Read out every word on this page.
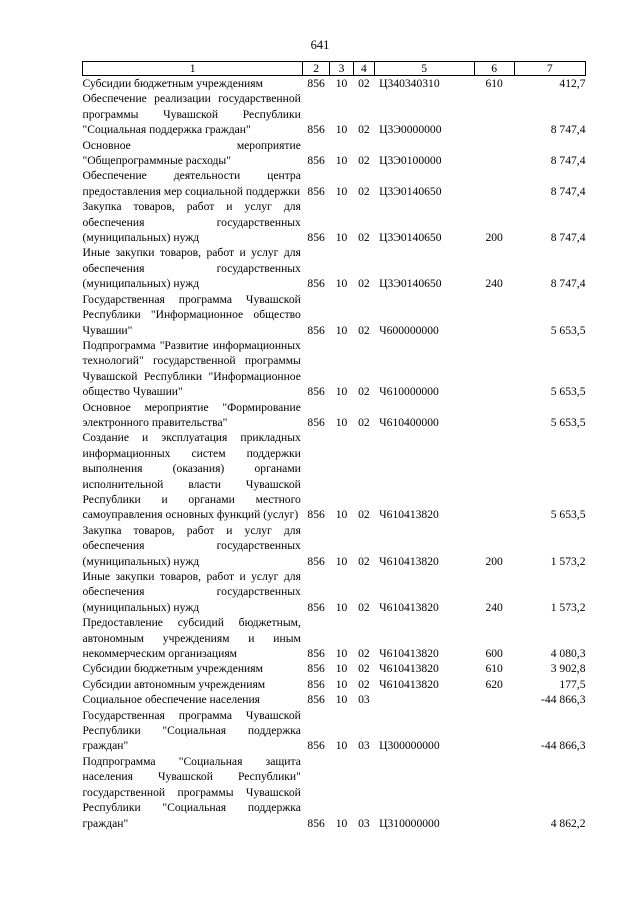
641
1	2	3	4	5	6	7
Субсидии бюджетным учреждениям	856	10	02	Ц340340310	610	412,7
Обеспечение реализации государственной программы Чувашской Республики "Социальная поддержка граждан"	856	10	02	Ц3Э0000000		8 747,4
Основное мероприятие "Общепрограммные расходы"	856	10	02	Ц3Э0100000		8 747,4
Обеспечение деятельности центра предоставления мер социальной поддержки	856	10	02	Ц3Э0140650		8 747,4
Закупка товаров, работ и услуг для обеспечения государственных (муниципальных) нужд	856	10	02	Ц3Э0140650	200	8 747,4
Иные закупки товаров, работ и услуг для обеспечения государственных (муниципальных) нужд	856	10	02	Ц3Э0140650	240	8 747,4
Государственная программа Чувашской Республики "Информационное общество Чувашии"	856	10	02	Ч600000000		5 653,5
Подпрограмма "Развитие информационных технологий" государственной программы Чувашской Республики "Информационное общество Чувашии"	856	10	02	Ч610000000		5 653,5
Основное мероприятие "Формирование электронного правительства"	856	10	02	Ч610400000		5 653,5
Создание и эксплуатация прикладных информационных систем поддержки выполнения (оказания) органами исполнительной власти Чувашской Республики и органами местного самоуправления основных функций (услуг)	856	10	02	Ч610413820		5 653,5
Закупка товаров, работ и услуг для обеспечения государственных (муниципальных) нужд	856	10	02	Ч610413820	200	1 573,2
Иные закупки товаров, работ и услуг для обеспечения государственных (муниципальных) нужд	856	10	02	Ч610413820	240	1 573,2
Предоставление субсидий бюджетным, автономным учреждениям и иным некоммерческим организациям	856	10	02	Ч610413820	600	4 080,3
Субсидии бюджетным учреждениям	856	10	02	Ч610413820	610	3 902,8
Субсидии автономным учреждениям	856	10	02	Ч610413820	620	177,5
Социальное обеспечение населения	856	10	03			-44 866,3
Государственная программа Чувашской Республики "Социальная поддержка граждан"	856	10	03	Ц300000000		-44 866,3
Подпрограмма "Социальная защита населения Чувашской Республики" государственной программы Чувашской Республики "Социальная поддержка граждан"	856	10	03	Ц310000000		4 862,2
